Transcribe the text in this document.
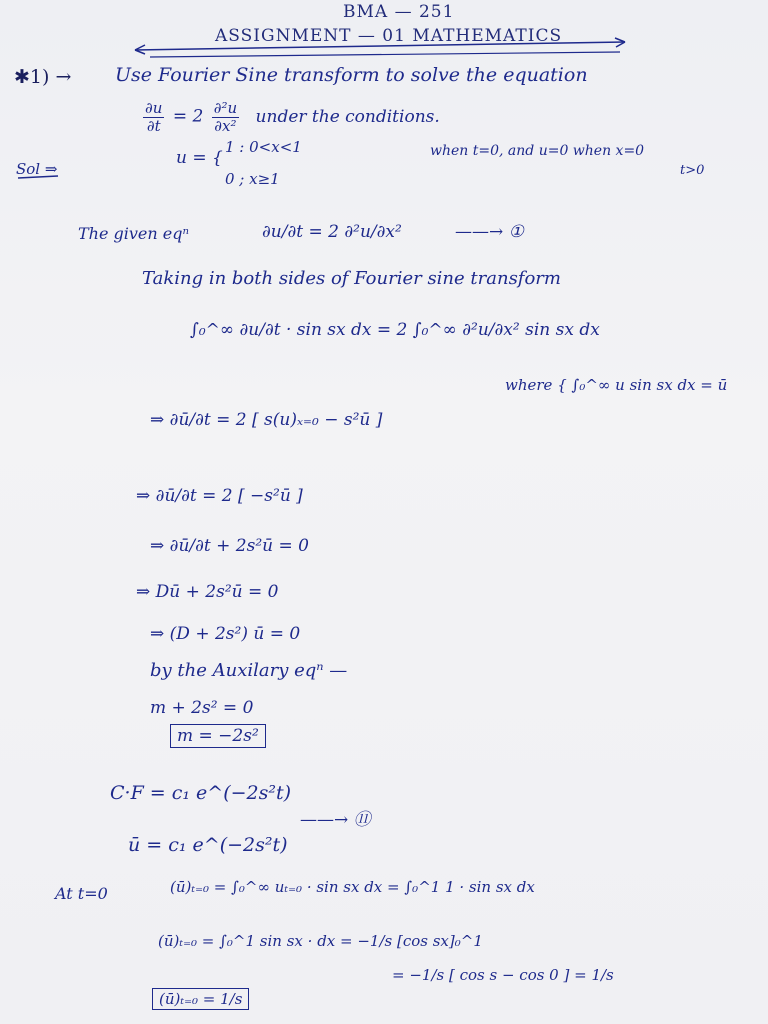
BMA — 251
ASSIGNMENT — 01 MATHEMATICS
✱1) → Use Fourier Sine transform to solve the equation
$\frac{\partial u}{\partial t} = 2 \frac{\text{∂²u}}{\text{∂x²}}$ under the conditions.
Sol ⇒
u = {
1 : 0<x<1
0 ; x≥1
when t=0, and u=0 when x=0
t>0
The given eqⁿ	∂u/∂t = 2 ∂²u/∂x²	——→ ①
Taking in both sides of Fourier sine transform
∫₀^∞ ∂u/∂t · sin sx dx = 2 ∫₀^∞ ∂²u/∂x² sin sx dx
⇒ ∂ū/∂t = 2 [ s(u)ₓ₌₀ − s²ū ]
where { ∫₀^∞ u sin sx dx = ū
⇒ ∂ū/∂t = 2 [ −s²ū ]
⇒ ∂ū/∂t + 2s²ū = 0
⇒ Dū + 2s²ū = 0
⇒ (D + 2s²) ū = 0
by the Auxilary eqⁿ —
m + 2s² = 0
m = −2s²
C·F = c₁ e^(−2s²t)
ū = c₁ e^(−2s²t)
——→ ⑪
At t=0	(ū)ₜ₌₀ = ∫₀^∞ uₜ₌₀ · sin sx dx = ∫₀^1 1 · sin sx dx
(ū)ₜ₌₀ = ∫₀^1 sin sx · dx = −1/s [cos sx]₀^1
= −1/s [ cos s − cos 0 ] = 1/s
(ū)ₜ₌₀ = 1/s
